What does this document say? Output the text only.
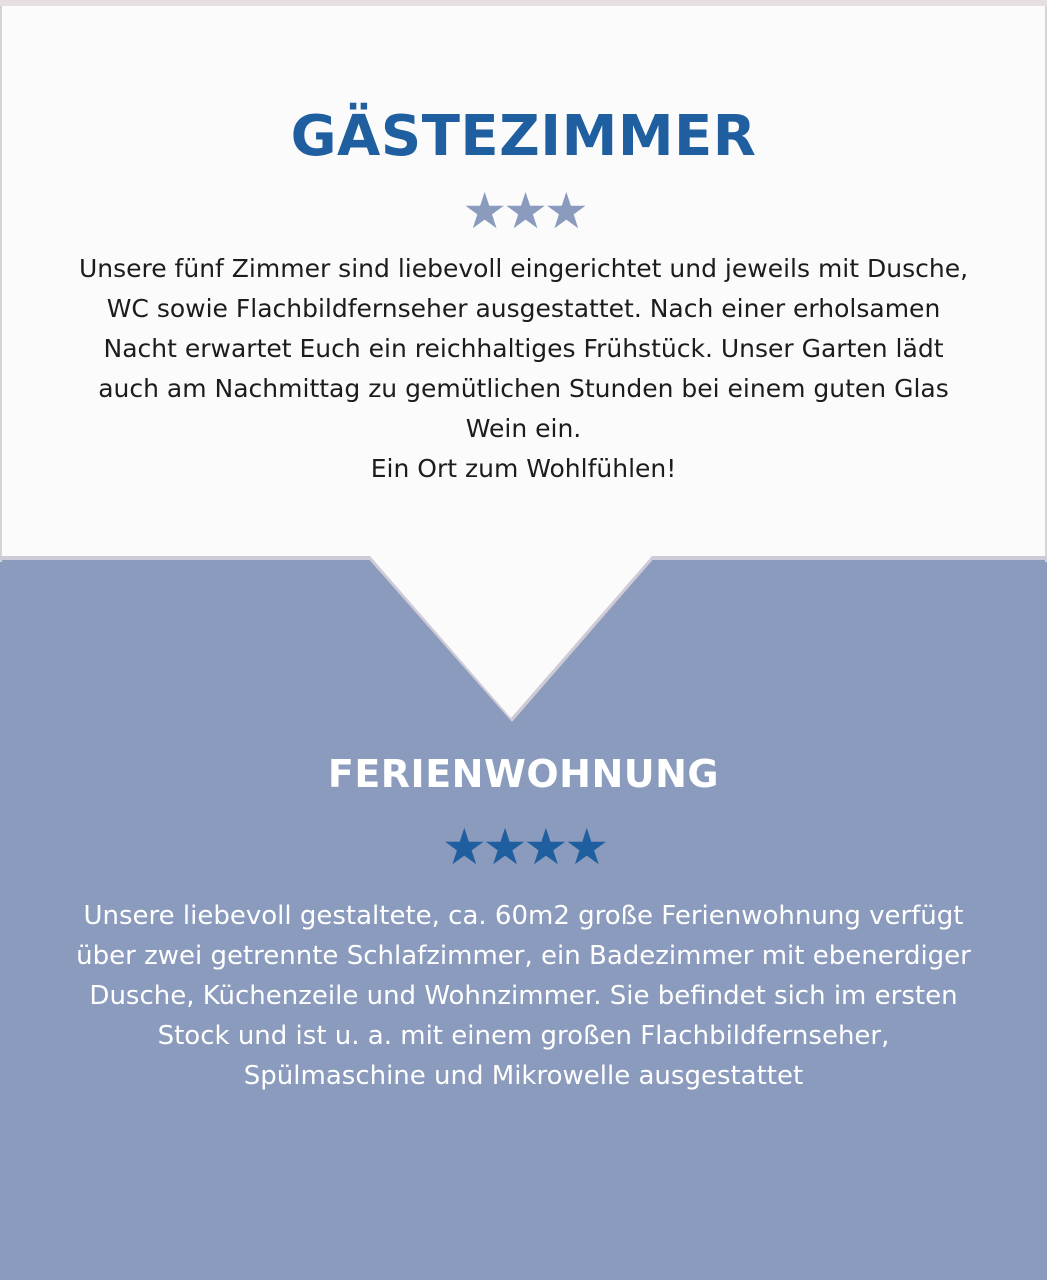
GÄSTEZIMMER
★★★

Unsere fünf Zimmer sind liebevoll eingerichtet und jeweils mit Dusche,
WC sowie Flachbildfernseher ausgestattet. Nach einer erholsamen
Nacht erwartet Euch ein reichhaltiges Frühstück. Unser Garten lädt
auch am Nachmittag zu gemütlichen Stunden bei einem guten Glas
Wein ein.
Ein Ort zum Wohlfühlen!

FERIENWOHNUNG
★★★★

Unsere liebevoll gestaltete, ca. 60m2 große Ferienwohnung verfügt
über zwei getrennte Schlafzimmer, ein Badezimmer mit ebenerdiger
Dusche, Küchenzeile und Wohnzimmer. Sie befindet sich im ersten
Stock und ist u. a. mit einem großen Flachbildfernseher,
Spülmaschine und Mikrowelle ausgestattet
